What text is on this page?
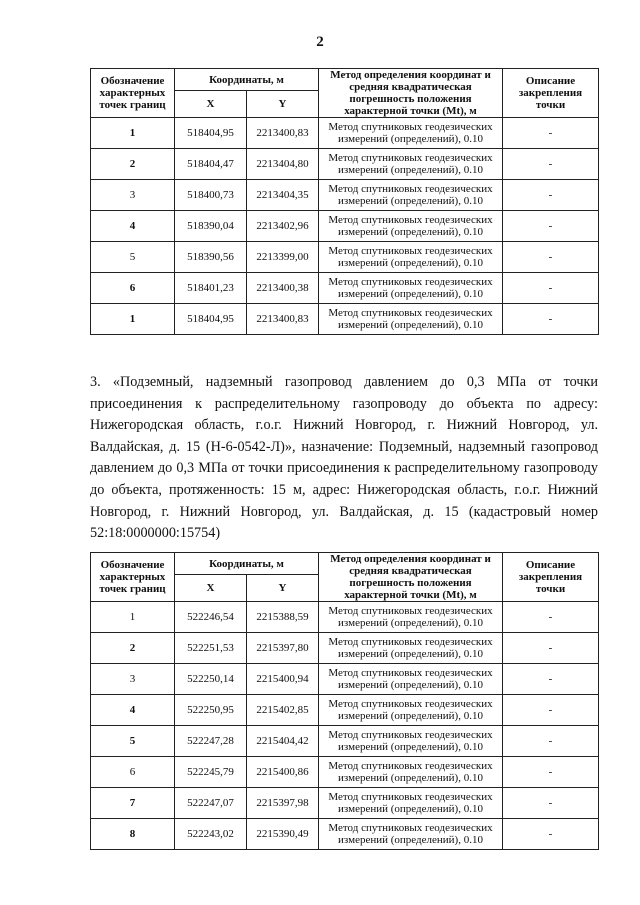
2
Обозначение характерных точек границ	Координаты, м		Метод определения координат и средняя квадратическая погрешность положения характерной точки (Mt), м	Описание закрепления точки
	X	Y		
1	518404,95	2213400,83	Метод спутниковых геодезических измерений (определений), 0.10	-
2	518404,47	2213404,80	Метод спутниковых геодезических измерений (определений), 0.10	-
3	518400,73	2213404,35	Метод спутниковых геодезических измерений (определений), 0.10	-
4	518390,04	2213402,96	Метод спутниковых геодезических измерений (определений), 0.10	-
5	518390,56	2213399,00	Метод спутниковых геодезических измерений (определений), 0.10	-
6	518401,23	2213400,38	Метод спутниковых геодезических измерений (определений), 0.10	-
1	518404,95	2213400,83	Метод спутниковых геодезических измерений (определений), 0.10	-
3. «Подземный, надземный газопровод давлением до 0,3 МПа от точки присоединения к распределительному газопроводу до объекта по адресу: Нижегородская область, г.о.г. Нижний Новгород, г. Нижний Новгород, ул. Валдайская, д. 15 (Н-6-0542-Л)», назначение: Подземный, надземный газопровод давлением до 0,3 МПа от точки присоединения к распределительному газопроводу до объекта, протяженность: 15 м, адрес: Нижегородская область, г.о.г. Нижний Новгород, г. Нижний Новгород, ул. Валдайская, д. 15 (кадастровый номер 52:18:0000000:15754)
Обозначение характерных точек границ	Координаты, м		Метод определения координат и средняя квадратическая погрешность положения характерной точки (Mt), м	Описание закрепления точки
	X	Y		
1	522246,54	2215388,59	Метод спутниковых геодезических измерений (определений), 0.10	-
2	522251,53	2215397,80	Метод спутниковых геодезических измерений (определений), 0.10	-
3	522250,14	2215400,94	Метод спутниковых геодезических измерений (определений), 0.10	-
4	522250,95	2215402,85	Метод спутниковых геодезических измерений (определений), 0.10	-
5	522247,28	2215404,42	Метод спутниковых геодезических измерений (определений), 0.10	-
6	522245,79	2215400,86	Метод спутниковых геодезических измерений (определений), 0.10	-
7	522247,07	2215397,98	Метод спутниковых геодезических измерений (определений), 0.10	-
8	522243,02	2215390,49	Метод спутниковых геодезических измерений (определений), 0.10	-
